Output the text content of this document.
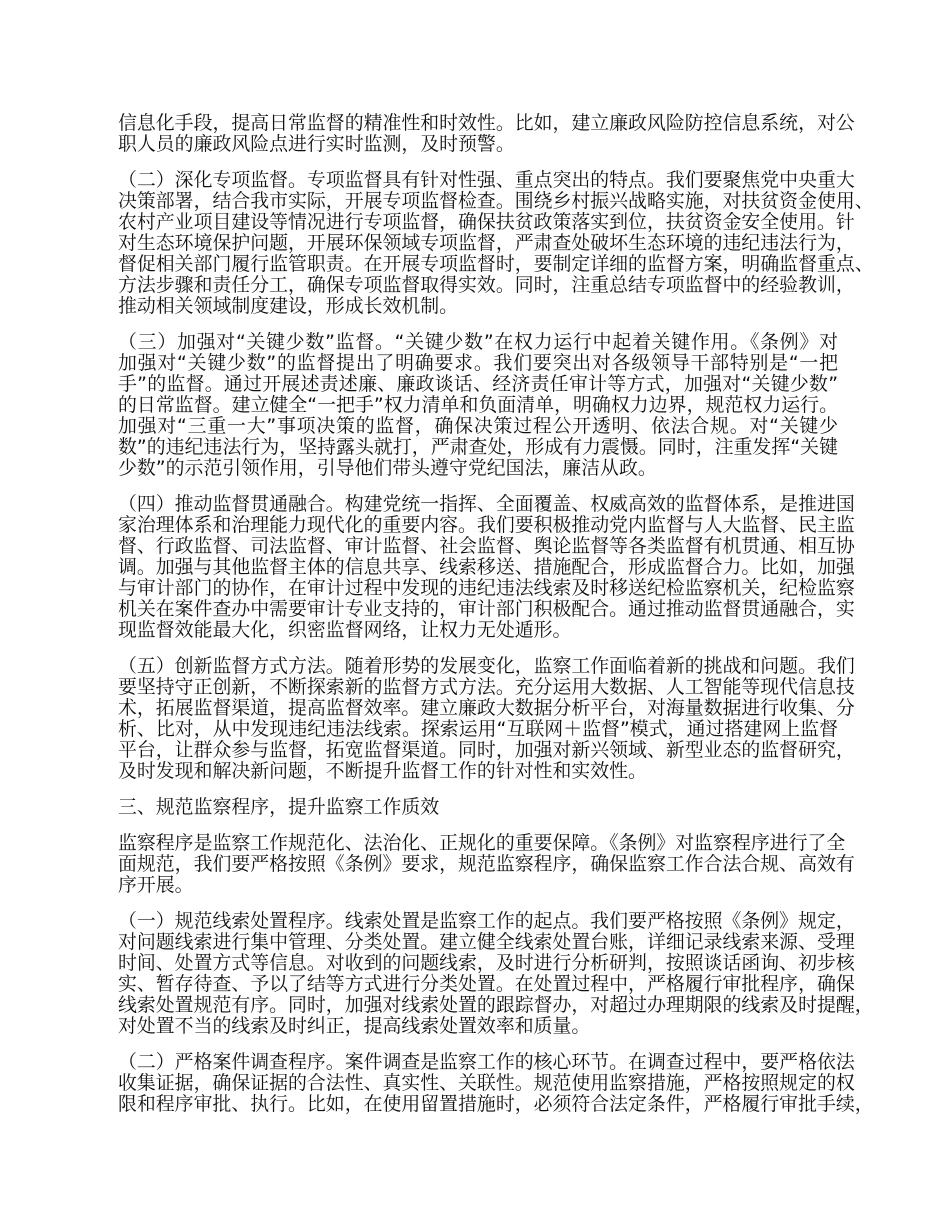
信息化手段，提高日常监督的精准性和时效性。比如，建立廉政风险防控信息系统，对公
职人员的廉政风险点进行实时监测，及时预警。
（二）深化专项监督。专项监督具有针对性强、重点突出的特点。我们要聚焦党中央重大
决策部署，结合我市实际，开展专项监督检查。围绕乡村振兴战略实施，对扶贫资金使用、
农村产业项目建设等情况进行专项监督，确保扶贫政策落实到位，扶贫资金安全使用。针
对生态环境保护问题，开展环保领域专项监督，严肃查处破坏生态环境的违纪违法行为，
督促相关部门履行监管职责。在开展专项监督时，要制定详细的监督方案，明确监督重点、
方法步骤和责任分工，确保专项监督取得实效。同时，注重总结专项监督中的经验教训，
推动相关领域制度建设，形成长效机制。
（三）加强对“关键少数”监督。“关键少数”在权力运行中起着关键作用。《条例》对
加强对“关键少数”的监督提出了明确要求。我们要突出对各级领导干部特别是“一把
手”的监督。通过开展述责述廉、廉政谈话、经济责任审计等方式，加强对“关键少数”
的日常监督。建立健全“一把手”权力清单和负面清单，明确权力边界，规范权力运行。
加强对“三重一大”事项决策的监督，确保决策过程公开透明、依法合规。对“关键少
数”的违纪违法行为，坚持露头就打，严肃查处，形成有力震慑。同时，注重发挥“关键
少数”的示范引领作用，引导他们带头遵守党纪国法，廉洁从政。
（四）推动监督贯通融合。构建党统一指挥、全面覆盖、权威高效的监督体系，是推进国
家治理体系和治理能力现代化的重要内容。我们要积极推动党内监督与人大监督、民主监
督、行政监督、司法监督、审计监督、社会监督、舆论监督等各类监督有机贯通、相互协
调。加强与其他监督主体的信息共享、线索移送、措施配合，形成监督合力。比如，加强
与审计部门的协作，在审计过程中发现的违纪违法线索及时移送纪检监察机关，纪检监察
机关在案件查办中需要审计专业支持的，审计部门积极配合。通过推动监督贯通融合，实
现监督效能最大化，织密监督网络，让权力无处遁形。
（五）创新监督方式方法。随着形势的发展变化，监察工作面临着新的挑战和问题。我们
要坚持守正创新，不断探索新的监督方式方法。充分运用大数据、人工智能等现代信息技
术，拓展监督渠道，提高监督效率。建立廉政大数据分析平台，对海量数据进行收集、分
析、比对，从中发现违纪违法线索。探索运用“互联网＋监督”模式，通过搭建网上监督
平台，让群众参与监督，拓宽监督渠道。同时，加强对新兴领域、新型业态的监督研究，
及时发现和解决新问题，不断提升监督工作的针对性和实效性。
三、规范监察程序，提升监察工作质效
监察程序是监察工作规范化、法治化、正规化的重要保障。《条例》对监察程序进行了全
面规范，我们要严格按照《条例》要求，规范监察程序，确保监察工作合法合规、高效有
序开展。
（一）规范线索处置程序。线索处置是监察工作的起点。我们要严格按照《条例》规定，
对问题线索进行集中管理、分类处置。建立健全线索处置台账，详细记录线索来源、受理
时间、处置方式等信息。对收到的问题线索，及时进行分析研判，按照谈话函询、初步核
实、暂存待查、予以了结等方式进行分类处置。在处置过程中，严格履行审批程序，确保
线索处置规范有序。同时，加强对线索处置的跟踪督办，对超过办理期限的线索及时提醒，
对处置不当的线索及时纠正，提高线索处置效率和质量。
（二）严格案件调查程序。案件调查是监察工作的核心环节。在调查过程中，要严格依法
收集证据，确保证据的合法性、真实性、关联性。规范使用监察措施，严格按照规定的权
限和程序审批、执行。比如，在使用留置措施时，必须符合法定条件，严格履行审批手续，
